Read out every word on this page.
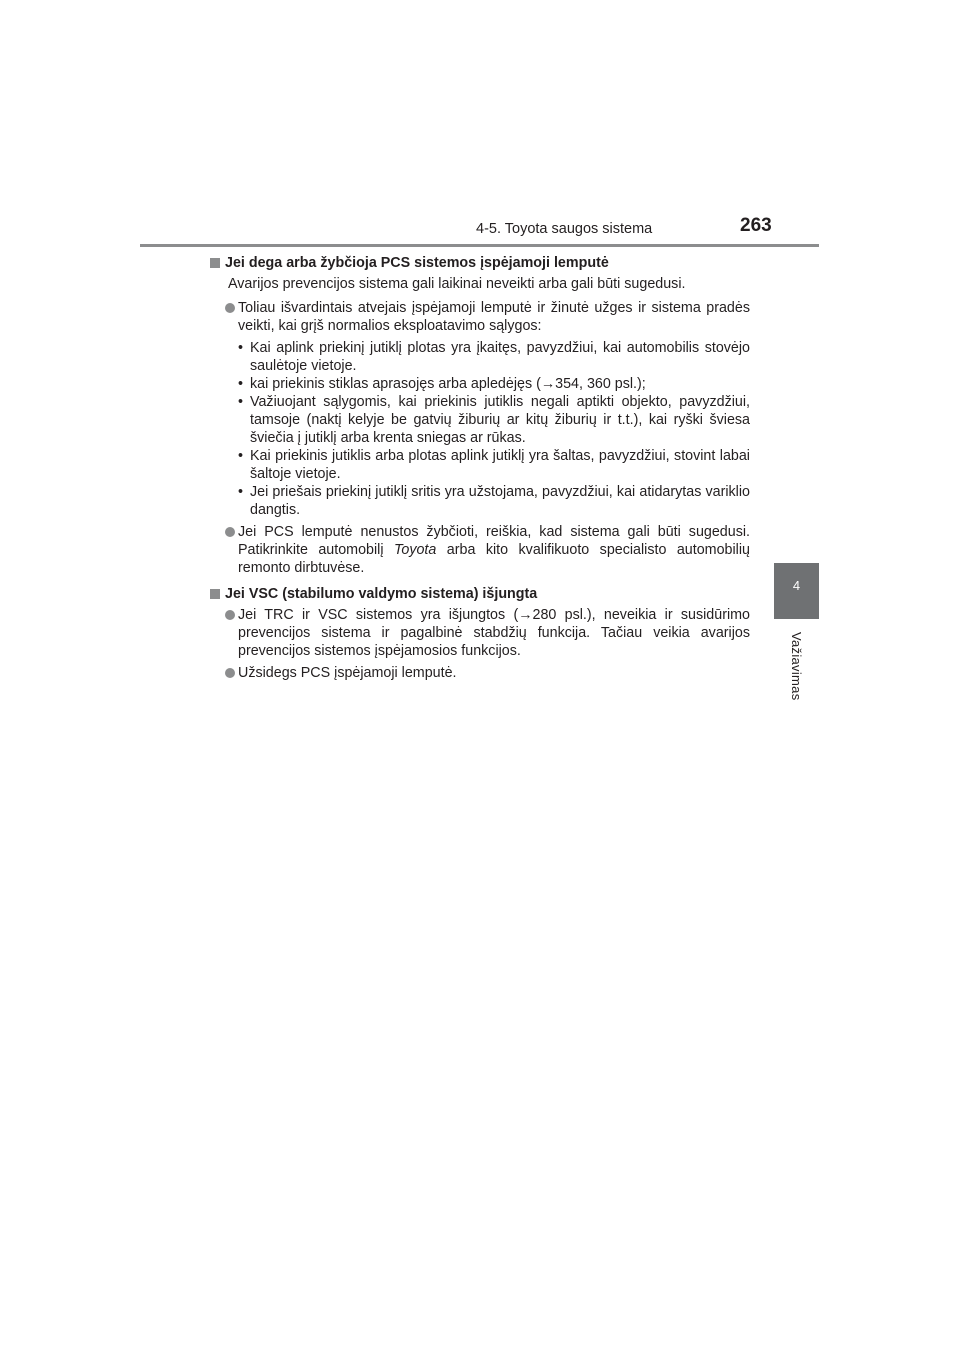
4-5. Toyota saugos sistema	263
4
Važiavimas
Jei dega arba žybčioja PCS sistemos įspėjamoji lemputė

Avarijos prevencijos sistema gali laikinai neveikti arba gali būti sugedusi.

Toliau išvardintais atvejais įspėjamoji lemputė ir žinutė užges ir sistema pradės veikti, kai grįš normalios eksploatavimo sąlygos:
• Kai aplink priekinį jutiklį plotas yra įkaitęs, pavyzdžiui, kai automobilis stovėjo saulėtoje vietoje.
• kai priekinis stiklas aprasojęs arba apledėjęs (→354, 360 psl.);
• Važiuojant sąlygomis, kai priekinis jutiklis negali aptikti objekto, pavyzdžiui, tamsoje (naktį kelyje be gatvių žiburių ar kitų žiburių ir t.t.), kai ryški šviesa šviečia į jutiklį arba krenta sniegas ar rūkas.
• Kai priekinis jutiklis arba plotas aplink jutiklį yra šaltas, pavyzdžiui, stovint labai šaltoje vietoje.
• Jei priešais priekinį jutiklį sritis yra užstojama, pavyzdžiui, kai atidarytas variklio dangtis.
Jei PCS lemputė nenustos žybčioti, reiškia, kad sistema gali būti sugedusi. Patikrinkite automobilį Toyota arba kito kvalifikuoto specialisto automobilių remonto dirbtuvėse.
Jei VSC (stabilumo valdymo sistema) išjungta
Jei TRC ir VSC sistemos yra išjungtos (→280 psl.), neveikia ir susidūrimo prevencijos sistema ir pagalbinė stabdžių funkcija. Tačiau veikia avarijos prevencijos sistemos įspėjamosios funkcijos.
Užsidegs PCS įspėjamoji lemputė.
